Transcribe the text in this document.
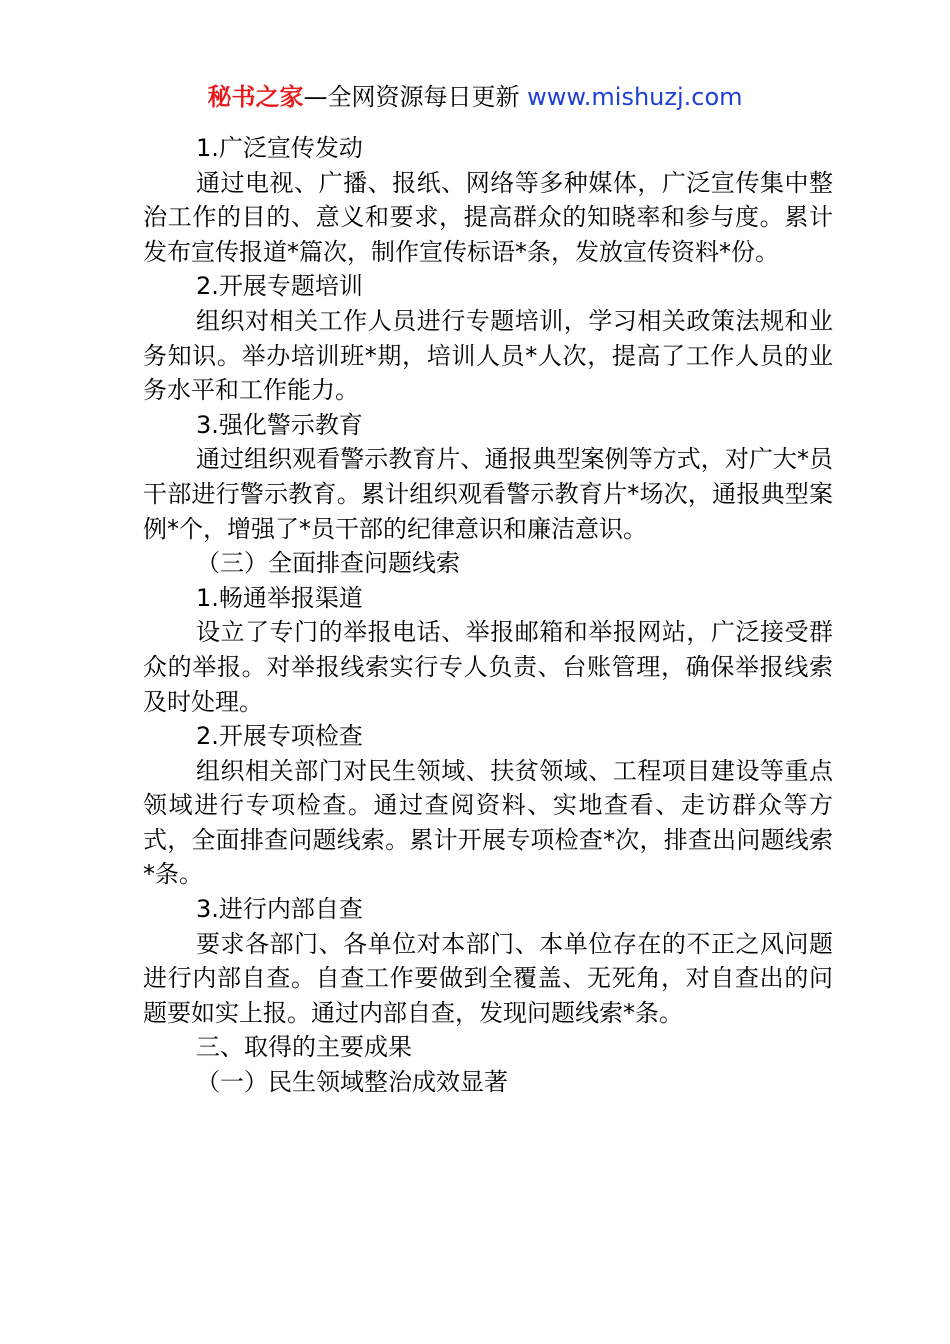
秘书之家—全网资源每日更新 www.mishuzj.com

1.广泛宣传发动

通过电视、广播、报纸、网络等多种媒体，广泛宣传集中整治工作的目的、意义和要求，提高群众的知晓率和参与度。累计发布宣传报道*篇次，制作宣传标语*条，发放宣传资料*份。

2.开展专题培训

组织对相关工作人员进行专题培训，学习相关政策法规和业务知识。举办培训班*期，培训人员*人次，提高了工作人员的业务水平和工作能力。

3.强化警示教育

通过组织观看警示教育片、通报典型案例等方式，对广大*员干部进行警示教育。累计组织观看警示教育片*场次，通报典型案例*个，增强了*员干部的纪律意识和廉洁意识。

（三）全面排查问题线索

1.畅通举报渠道

设立了专门的举报电话、举报邮箱和举报网站，广泛接受群众的举报。对举报线索实行专人负责、台账管理，确保举报线索及时处理。

2.开展专项检查

组织相关部门对民生领域、扶贫领域、工程项目建设等重点领域进行专项检查。通过查阅资料、实地查看、走访群众等方式，全面排查问题线索。累计开展专项检查*次，排查出问题线索*条。

3.进行内部自查

要求各部门、各单位对本部门、本单位存在的不正之风问题进行内部自查。自查工作要做到全覆盖、无死角，对自查出的问题要如实上报。通过内部自查，发现问题线索*条。

三、取得的主要成果

（一）民生领域整治成效显著
